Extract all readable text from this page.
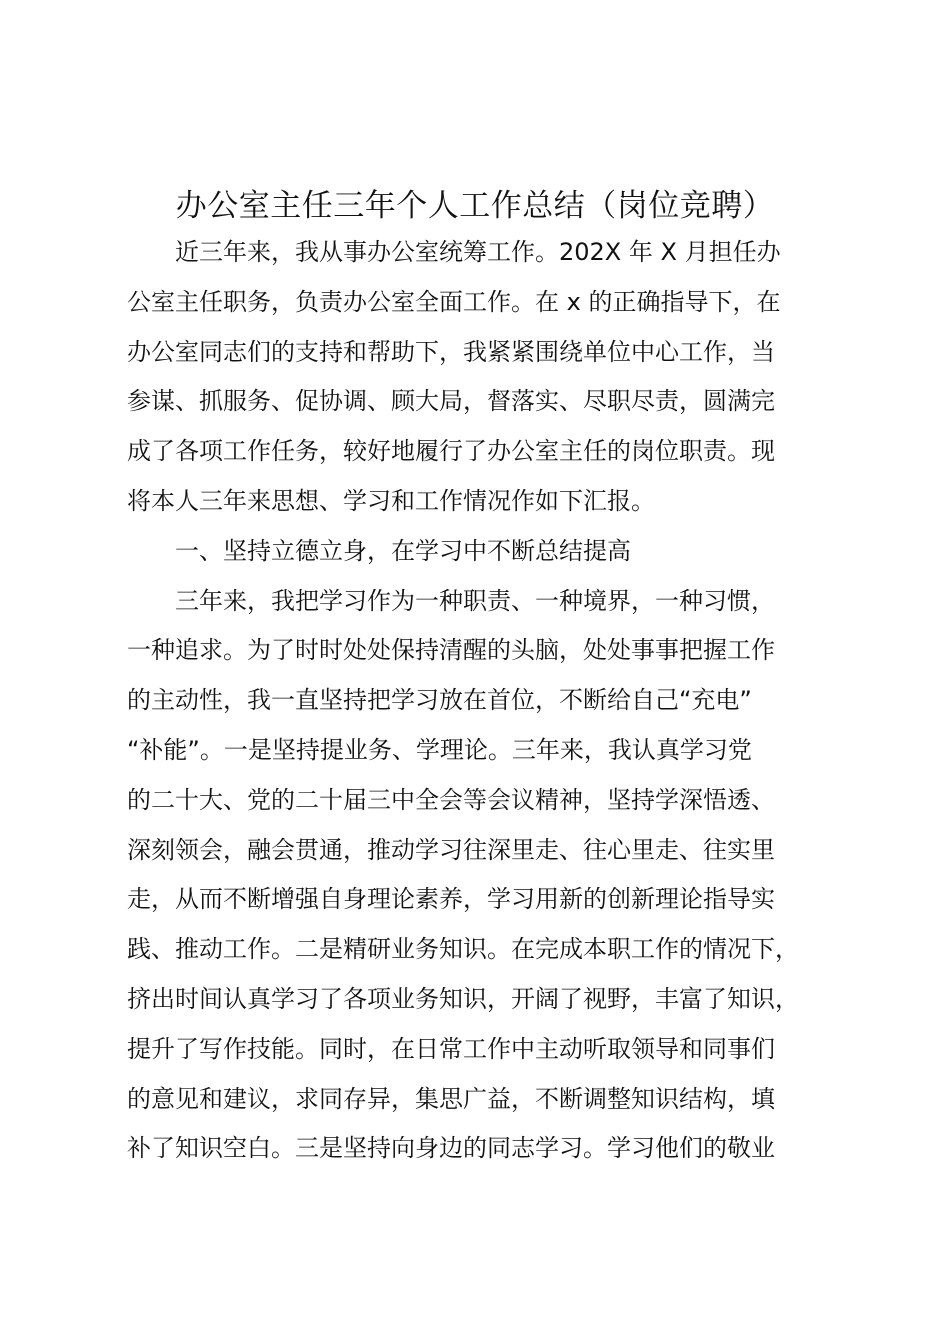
办公室主任三年个人工作总结（岗位竞聘）
近三年来，我从事办公室统筹工作。202X 年 X 月担任办
公室主任职务，负责办公室全面工作。在 x 的正确指导下，在
办公室同志们的支持和帮助下，我紧紧围绕单位中心工作，当
参谋、抓服务、促协调、顾大局，督落实、尽职尽责，圆满完
成了各项工作任务，较好地履行了办公室主任的岗位职责。现
将本人三年来思想、学习和工作情况作如下汇报。
一、坚持立德立身，在学习中不断总结提高
三年来，我把学习作为一种职责、一种境界，一种习惯，
一种追求。为了时时处处保持清醒的头脑，处处事事把握工作
的主动性，我一直坚持把学习放在首位，不断给自己“充电”
“补能”。一是坚持提业务、学理论。三年来，我认真学习党
的二十大、党的二十届三中全会等会议精神，坚持学深悟透、
深刻领会，融会贯通，推动学习往深里走、往心里走、往实里
走，从而不断增强自身理论素养，学习用新的创新理论指导实
践、推动工作。二是精研业务知识。在完成本职工作的情况下，
挤出时间认真学习了各项业务知识，开阔了视野，丰富了知识，
提升了写作技能。同时，在日常工作中主动听取领导和同事们
的意见和建议，求同存异，集思广益，不断调整知识结构，填
补了知识空白。三是坚持向身边的同志学习。学习他们的敬业
